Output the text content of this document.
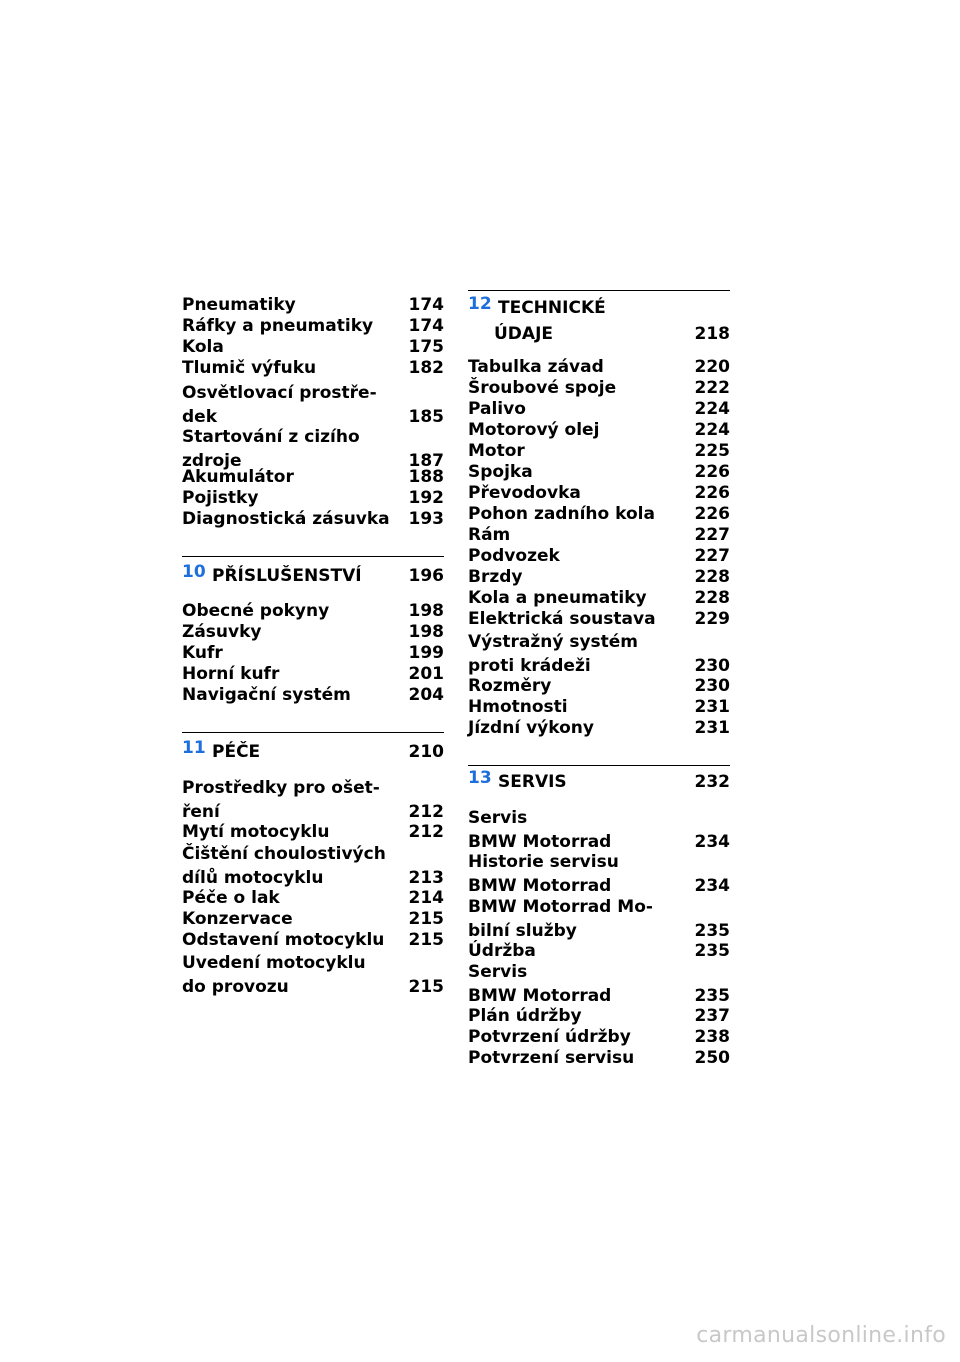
Pneumatiky	174
Ráfky a pneumatiky 174
Kola	175
Tlumič výfuku	182
Osvětlovací prostře-
dek	185
Startování z cizího
zdroje	187
Akumulátor	188
Pojistky	192
Diagnostická zásuvka 193
10 PŘÍSLUŠENSTVÍ	196
Obecné pokyny	198
Zásuvky	198
Kufr	199
Horní kufr	201
Navigační systém	204
11 PÉČE	210
Prostředky pro ošet-
ření	212
Mytí motocyklu	212
Čištění choulostivých
dílů motocyklu	213
Péče o lak	214
Konzervace	215
Odstavení motocyklu 215
Uvedení motocyklu
do provozu	215
12 TECHNICKÉ
ÚDAJE	218
Tabulka závad	220
Šroubové spoje	222
Palivo	224
Motorový olej	224
Motor	225
Spojka	226
Převodovka	226
Pohon zadního kola 226
Rám	227
Podvozek	227
Brzdy	228
Kola a pneumatiky	228
Elektrická soustava 229
Výstražný systém
proti krádeži	230
Rozměry	230
Hmotnosti	231
Jízdní výkony	231
13 SERVIS	232
Servis
BMW Motorrad	234
Historie servisu
BMW Motorrad	234
BMW Motorrad Mo-
bilní služby	235
Údržba	235
Servis
BMW Motorrad	235
Plán údržby	237
Potvrzení údržby	238
Potvrzení servisu	250
carmanualsonline.info
